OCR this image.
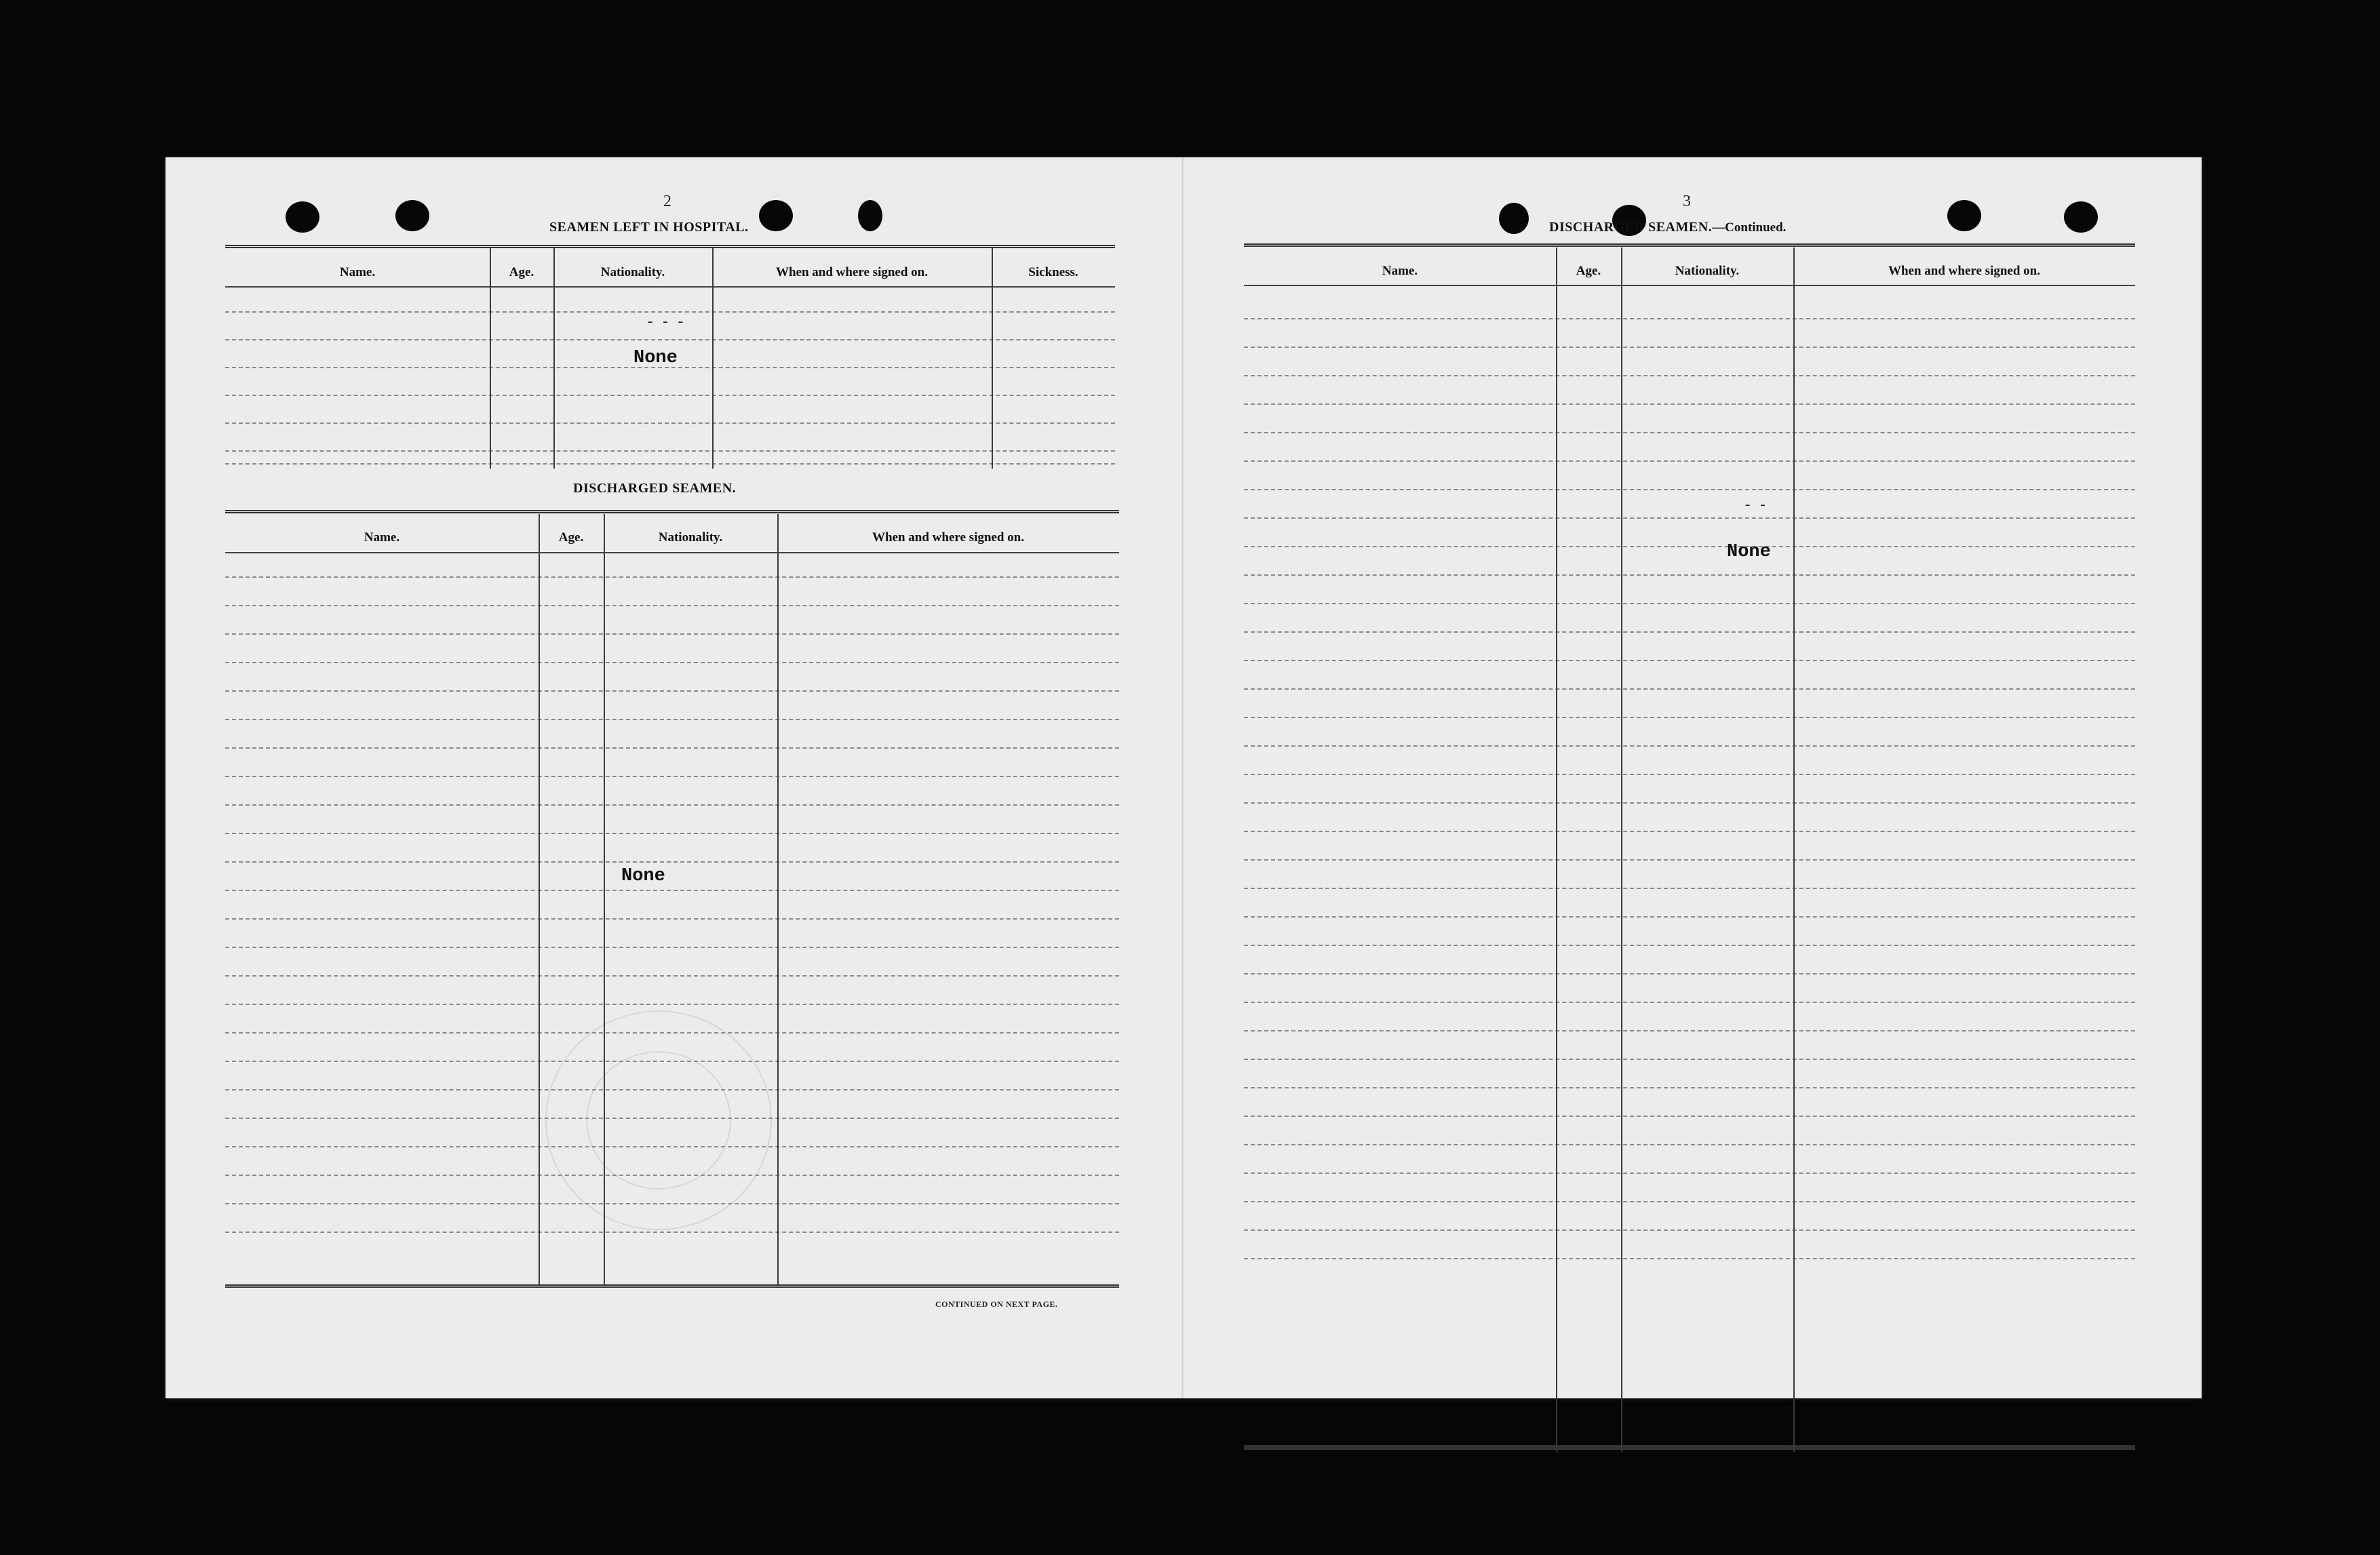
2
SEAMEN LEFT IN HOSPITAL.
Name.	Age.	Nationality.	When and where signed on.	Sickness.
- - -
None
DISCHARGED SEAMEN.
Name.	Age.	Nationality.	When and where signed on.
None
CONTINUED ON NEXT PAGE.
3
DISCHARGED SEAMEN.—Continued.
Name.	Age.	Nationality.	When and where signed on.
- -
None
